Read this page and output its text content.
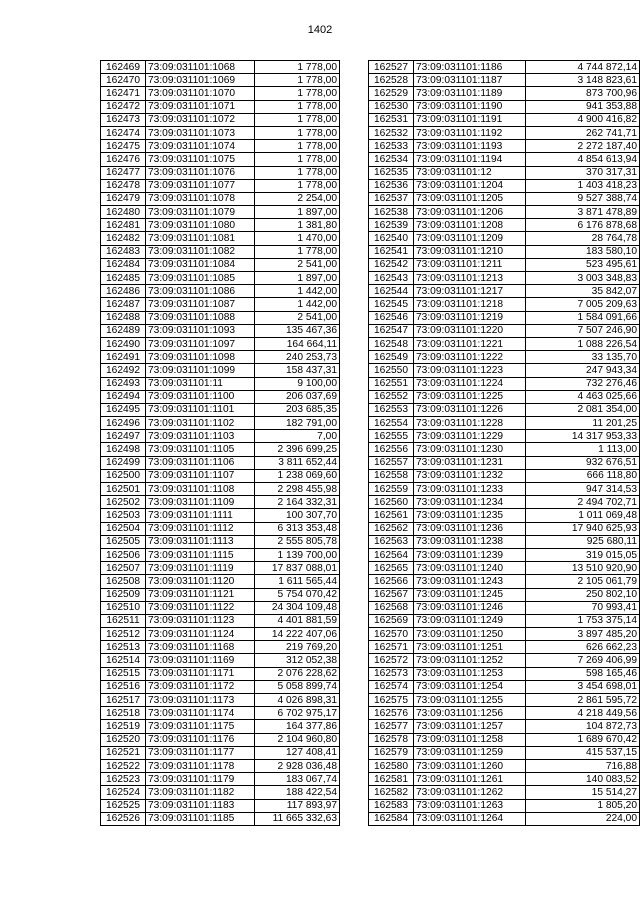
1402
162469	73:09:031101:1068	1 778,00
162470	73:09:031101:1069	1 778,00
162471	73:09:031101:1070	1 778,00
162472	73:09:031101:1071	1 778,00
162473	73:09:031101:1072	1 778,00
162474	73:09:031101:1073	1 778,00
162475	73:09:031101:1074	1 778,00
162476	73:09:031101:1075	1 778,00
162477	73:09:031101:1076	1 778,00
162478	73:09:031101:1077	1 778,00
162479	73:09:031101:1078	2 254,00
162480	73:09:031101:1079	1 897,00
162481	73:09:031101:1080	1 381,80
162482	73:09:031101:1081	1 470,00
162483	73:09:031101:1082	1 778,00
162484	73:09:031101:1084	2 541,00
162485	73:09:031101:1085	1 897,00
162486	73:09:031101:1086	1 442,00
162487	73:09:031101:1087	1 442,00
162488	73:09:031101:1088	2 541,00
162489	73:09:031101:1093	135 467,36
162490	73:09:031101:1097	164 664,11
162491	73:09:031101:1098	240 253,73
162492	73:09:031101:1099	158 437,31
162493	73:09:031101:11	9 100,00
162494	73:09:031101:1100	206 037,69
162495	73:09:031101:1101	203 685,35
162496	73:09:031101:1102	182 791,00
162497	73:09:031101:1103	7,00
162498	73:09:031101:1105	2 396 699,25
162499	73:09:031101:1106	3 811 652,44
162500	73:09:031101:1107	1 238 069,60
162501	73:09:031101:1108	2 298 455,98
162502	73:09:031101:1109	2 164 332,31
162503	73:09:031101:1111	100 307,70
162504	73:09:031101:1112	6 313 353,48
162505	73:09:031101:1113	2 555 805,78
162506	73:09:031101:1115	1 139 700,00
162507	73:09:031101:1119	17 837 088,01
162508	73:09:031101:1120	1 611 565,44
162509	73:09:031101:1121	5 754 070,42
162510	73:09:031101:1122	24 304 109,48
162511	73:09:031101:1123	4 401 881,59
162512	73:09:031101:1124	14 222 407,06
162513	73:09:031101:1168	219 769,20
162514	73:09:031101:1169	312 052,38
162515	73:09:031101:1171	2 076 228,62
162516	73:09:031101:1172	5 058 899,74
162517	73:09:031101:1173	4 026 898,31
162518	73:09:031101:1174	6 702 975,17
162519	73:09:031101:1175	164 377,86
162520	73:09:031101:1176	2 104 960,80
162521	73:09:031101:1177	127 408,41
162522	73:09:031101:1178	2 928 036,48
162523	73:09:031101:1179	183 067,74
162524	73:09:031101:1182	188 422,54
162525	73:09:031101:1183	117 893,97
162526	73:09:031101:1185	11 665 332,63
162527	73:09:031101:1186	4 744 872,14
162528	73:09:031101:1187	3 148 823,61
162529	73:09:031101:1189	873 700,96
162530	73:09:031101:1190	941 353,88
162531	73:09:031101:1191	4 900 416,82
162532	73:09:031101:1192	262 741,71
162533	73:09:031101:1193	2 272 187,40
162534	73:09:031101:1194	4 854 613,94
162535	73:09:031101:12	370 317,31
162536	73:09:031101:1204	1 403 418,23
162537	73:09:031101:1205	9 527 388,74
162538	73:09:031101:1206	3 871 478,89
162539	73:09:031101:1208	6 176 878,68
162540	73:09:031101:1209	28 764,78
162541	73:09:031101:1210	183 580,10
162542	73:09:031101:1211	523 495,61
162543	73:09:031101:1213	3 003 348,83
162544	73:09:031101:1217	35 842,07
162545	73:09:031101:1218	7 005 209,63
162546	73:09:031101:1219	1 584 091,66
162547	73:09:031101:1220	7 507 246,90
162548	73:09:031101:1221	1 088 226,54
162549	73:09:031101:1222	33 135,70
162550	73:09:031101:1223	247 943,34
162551	73:09:031101:1224	732 276,46
162552	73:09:031101:1225	4 463 025,66
162553	73:09:031101:1226	2 081 354,00
162554	73:09:031101:1228	11 201,25
162555	73:09:031101:1229	14 317 953,33
162556	73:09:031101:1230	1 113,00
162557	73:09:031101:1231	932 676,51
162558	73:09:031101:1232	666 118,80
162559	73:09:031101:1233	947 314,53
162560	73:09:031101:1234	2 494 702,71
162561	73:09:031101:1235	1 011 069,48
162562	73:09:031101:1236	17 940 625,93
162563	73:09:031101:1238	925 680,11
162564	73:09:031101:1239	319 015,05
162565	73:09:031101:1240	13 510 920,90
162566	73:09:031101:1243	2 105 061,79
162567	73:09:031101:1245	250 802,10
162568	73:09:031101:1246	70 993,41
162569	73:09:031101:1249	1 753 375,14
162570	73:09:031101:1250	3 897 485,20
162571	73:09:031101:1251	626 662,23
162572	73:09:031101:1252	7 269 406,99
162573	73:09:031101:1253	598 165,46
162574	73:09:031101:1254	3 454 698,01
162575	73:09:031101:1255	2 861 595,72
162576	73:09:031101:1256	4 218 449,56
162577	73:09:031101:1257	104 872,73
162578	73:09:031101:1258	1 689 670,42
162579	73:09:031101:1259	415 537,15
162580	73:09:031101:1260	716,88
162581	73:09:031101:1261	140 083,52
162582	73:09:031101:1262	15 514,27
162583	73:09:031101:1263	1 805,20
162584	73:09:031101:1264	224,00
